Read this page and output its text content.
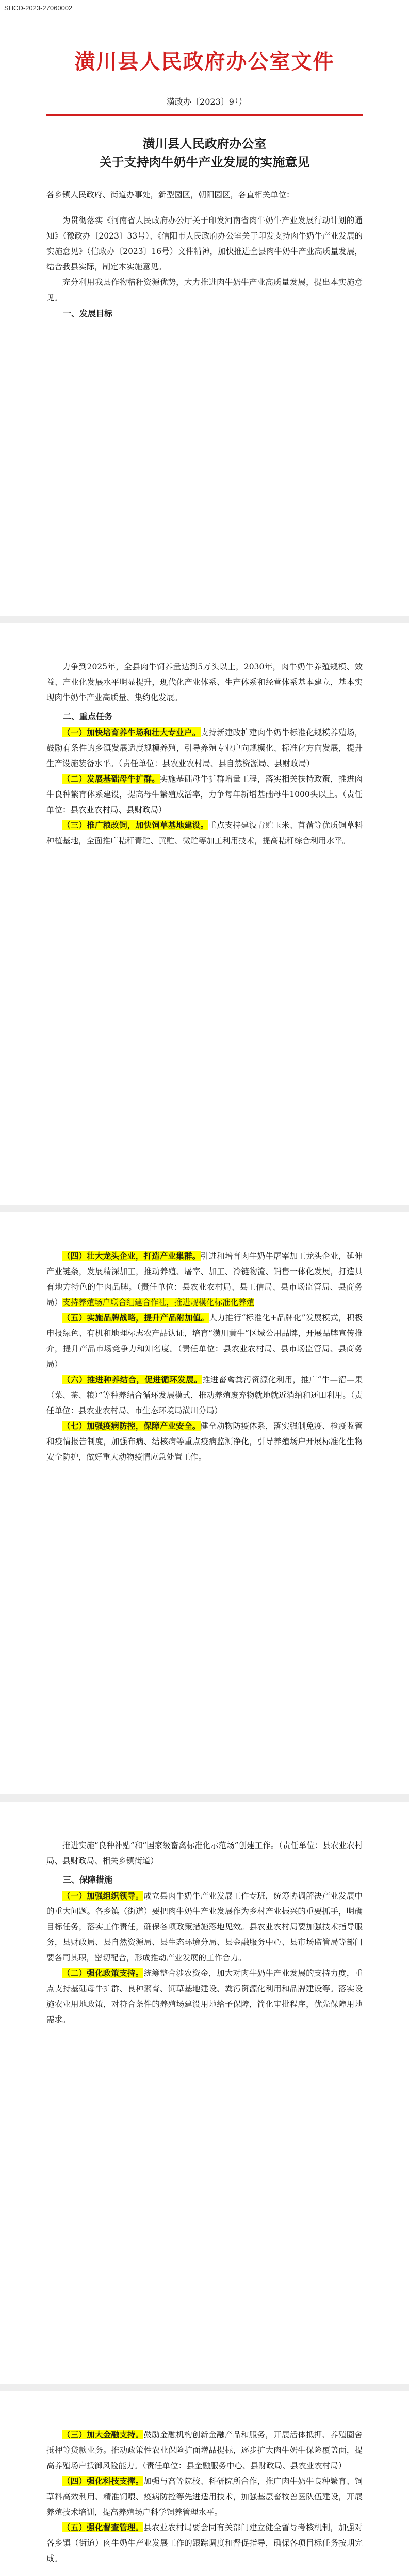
SHCD-2023-27060002
潢川县人民政府办公室文件
潢政办〔2023〕9号
潢川县人民政府办公室
关于支持肉牛奶牛产业发展的实施意见

各乡镇人民政府、街道办事处，新型园区，朝阳园区，各直相关单位：

为贯彻落实《河南省人民政府办公厅关于印发河南省肉牛奶牛产业发展行动计划的通知》（豫政办〔2023〕33号）、《信阳市人民政府办公室关于印发支持肉牛奶牛产业发展的实施意见》（信政办〔2023〕16号）文件精神，加快推进全县肉牛奶牛产业高质量发展，结合我县实际，制定本实施意见。

充分利用我县作物秸秆资源优势，大力推进肉牛奶牛产业高质量发展，提出本实施意见。

一、发展目标

力争到2025年，全县肉牛饲养量达到5万头以上，2030年，肉牛奶牛养殖规模、效益、产业化发展水平明显提升，现代化产业体系、生产体系和经营体系基本建立，基本实现肉牛奶牛产业高质量、集约化发展。

二、重点任务

（一）加快培育养牛场和壮大专业户。支持新建改扩建肉牛奶牛标准化规模养殖场，鼓励有条件的乡镇发展适度规模养殖，引导养殖专业户向规模化、标准化方向发展，提升生产设施装备水平。（责任单位：县农业农村局、县自然资源局、县财政局）

（二）发展基础母牛扩群。实施基础母牛扩群增量工程，落实相关扶持政策，推进肉牛良种繁育体系建设，提高母牛繁殖成活率，力争每年新增基础母牛1000头以上。（责任单位：县农业农村局、县财政局）

（三）推广粮改饲，加快饲草基地建设。重点支持建设青贮玉米、苜蓿等优质饲草料种植基地，全面推广秸秆青贮、黄贮、微贮等加工利用技术，提高秸秆综合利用水平。

（四）壮大龙头企业，打造产业集群。引进和培育肉牛奶牛屠宰加工龙头企业，延伸产业链条，发展精深加工，推动养殖、屠宰、加工、冷链物流、销售一体化发展，打造具有地方特色的牛肉品牌。（责任单位：县农业农村局、县工信局、县市场监管局、县商务局）支持养殖场户联合组建合作社，推进规模化标准化养殖

（五）实施品牌战略，提升产品附加值。大力推行“标准化+品牌化”发展模式，积极申报绿色、有机和地理标志农产品认证，培育“潢川黄牛”区域公用品牌，开展品牌宣传推介，提升产品市场竞争力和知名度。（责任单位：县农业农村局、县市场监管局、县商务局）

（六）推进种养结合，促进循环发展。推进畜禽粪污资源化利用，推广“牛—沼—果（菜、茶、粮）”等种养结合循环发展模式，推动养殖废弃物就地就近消纳和还田利用。（责任单位：县农业农村局、市生态环境局潢川分局）

（七）加强疫病防控，保障产业安全。健全动物防疫体系，落实强制免疫、检疫监管和疫情报告制度，加强布病、结核病等重点疫病监测净化，引导养殖场户开展标准化生物安全防护，做好重大动物疫情应急处置工作。

推进实施“良种补贴”和“国家级畜禽标准化示范场”创建工作。（责任单位：县农业农村局、县财政局、相关乡镇街道）

三、保障措施

（一）加强组织领导。成立县肉牛奶牛产业发展工作专班，统筹协调解决产业发展中的重大问题。各乡镇（街道）要把肉牛奶牛产业发展作为乡村产业振兴的重要抓手，明确目标任务，落实工作责任，确保各项政策措施落地见效。县农业农村局要加强技术指导服务，县财政局、县自然资源局、县生态环境分局、县金融服务中心、县市场监管局等部门要各司其职，密切配合，形成推动产业发展的工作合力。

（二）强化政策支持。统筹整合涉农资金，加大对肉牛奶牛产业发展的支持力度，重点支持基础母牛扩群、良种繁育、饲草基地建设、粪污资源化利用和品牌建设等。落实设施农业用地政策，对符合条件的养殖场建设用地给予保障，简化审批程序，优先保障用地需求。

（三）加大金融支持。鼓励金融机构创新金融产品和服务，开展活体抵押、养殖圈舍抵押等贷款业务。推动政策性农业保险扩面增品提标，逐步扩大肉牛奶牛保险覆盖面，提高养殖场户抵御风险能力。（责任单位：县金融服务中心、县财政局、县农业农村局）

（四）强化科技支撑。加强与高等院校、科研院所合作，推广肉牛奶牛良种繁育、饲草料高效利用、精准饲喂、疫病防控等先进适用技术，加强基层畜牧兽医队伍建设，开展养殖技术培训，提高养殖场户科学饲养管理水平。

（五）强化督查管理。县农业农村局要会同有关部门建立健全督导考核机制，加强对各乡镇（街道）肉牛奶牛产业发展工作的跟踪调度和督促指导，确保各项目标任务按期完成。
